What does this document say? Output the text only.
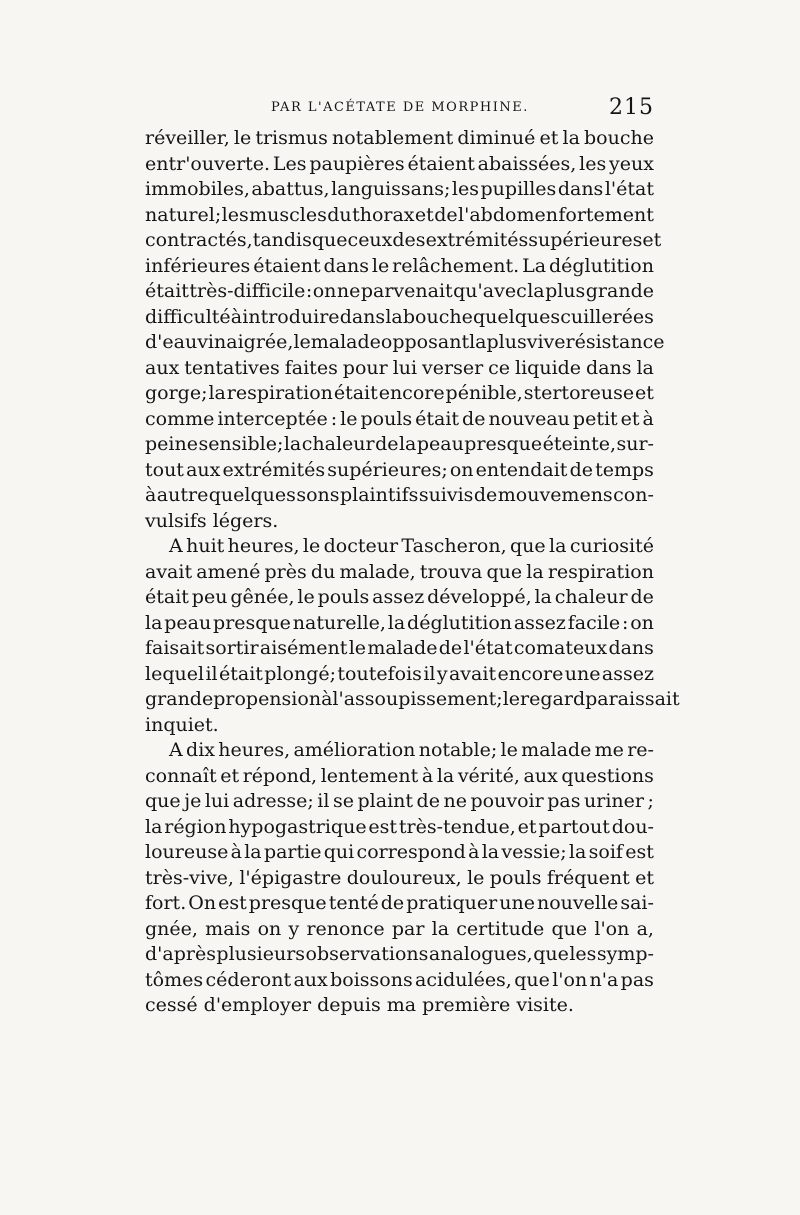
PAR L'ACÉTATE DE MORPHINE.	215
réveiller, le trismus notablement diminué et la bouche
entr'ouverte. Les paupières étaient abaissées, les yeux
immobiles, abattus, languissans; les pupilles dans l'état
naturel; les muscles du thorax et de l'abdomen fortement
contractés, tandis que ceux des extrémités supérieures et
inférieures étaient dans le relâchement. La déglutition
était très-difficile : on ne parvenait qu'avec la plus grande
difficulté à introduire dans la bouche quelques cuillerées
d'eau vinaigrée, le malade opposant la plus vive résistance
aux tentatives faites pour lui verser ce liquide dans la
gorge; la respiration était encore pénible, stertoreuse et
comme interceptée : le pouls était de nouveau petit et à
peine sensible; la chaleur de la peau presque éteinte, sur-
tout aux extrémités supérieures; on entendait de temps
à autre quelques sons plaintifs suivis de mouvemens con-
vulsifs légers.
A huit heures, le docteur Tascheron, que la curiosité
avait amené près du malade, trouva que la respiration
était peu gênée, le pouls assez développé, la chaleur de
la peau presque naturelle, la déglutition assez facile : on
faisait sortir aisément le malade de l'état comateux dans
lequel il était plongé; toutefois il y avait encore une assez
grande propension à l'assoupissement; le regard paraissait
inquiet.
A dix heures, amélioration notable; le malade me re-
connaît et répond, lentement à la vérité, aux questions
que je lui adresse; il se plaint de ne pouvoir pas uriner ;
la région hypogastrique est très-tendue, et partout dou-
loureuse à la partie qui correspond à la vessie; la soif est
très-vive, l'épigastre douloureux, le pouls fréquent et
fort. On est presque tenté de pratiquer une nouvelle sai-
gnée, mais on y renonce par la certitude que l'on a,
d'après plusieurs observations analogues, que les symp-
tômes céderont aux boissons acidulées, que l'on n'a pas
cessé d'employer depuis ma première visite.
